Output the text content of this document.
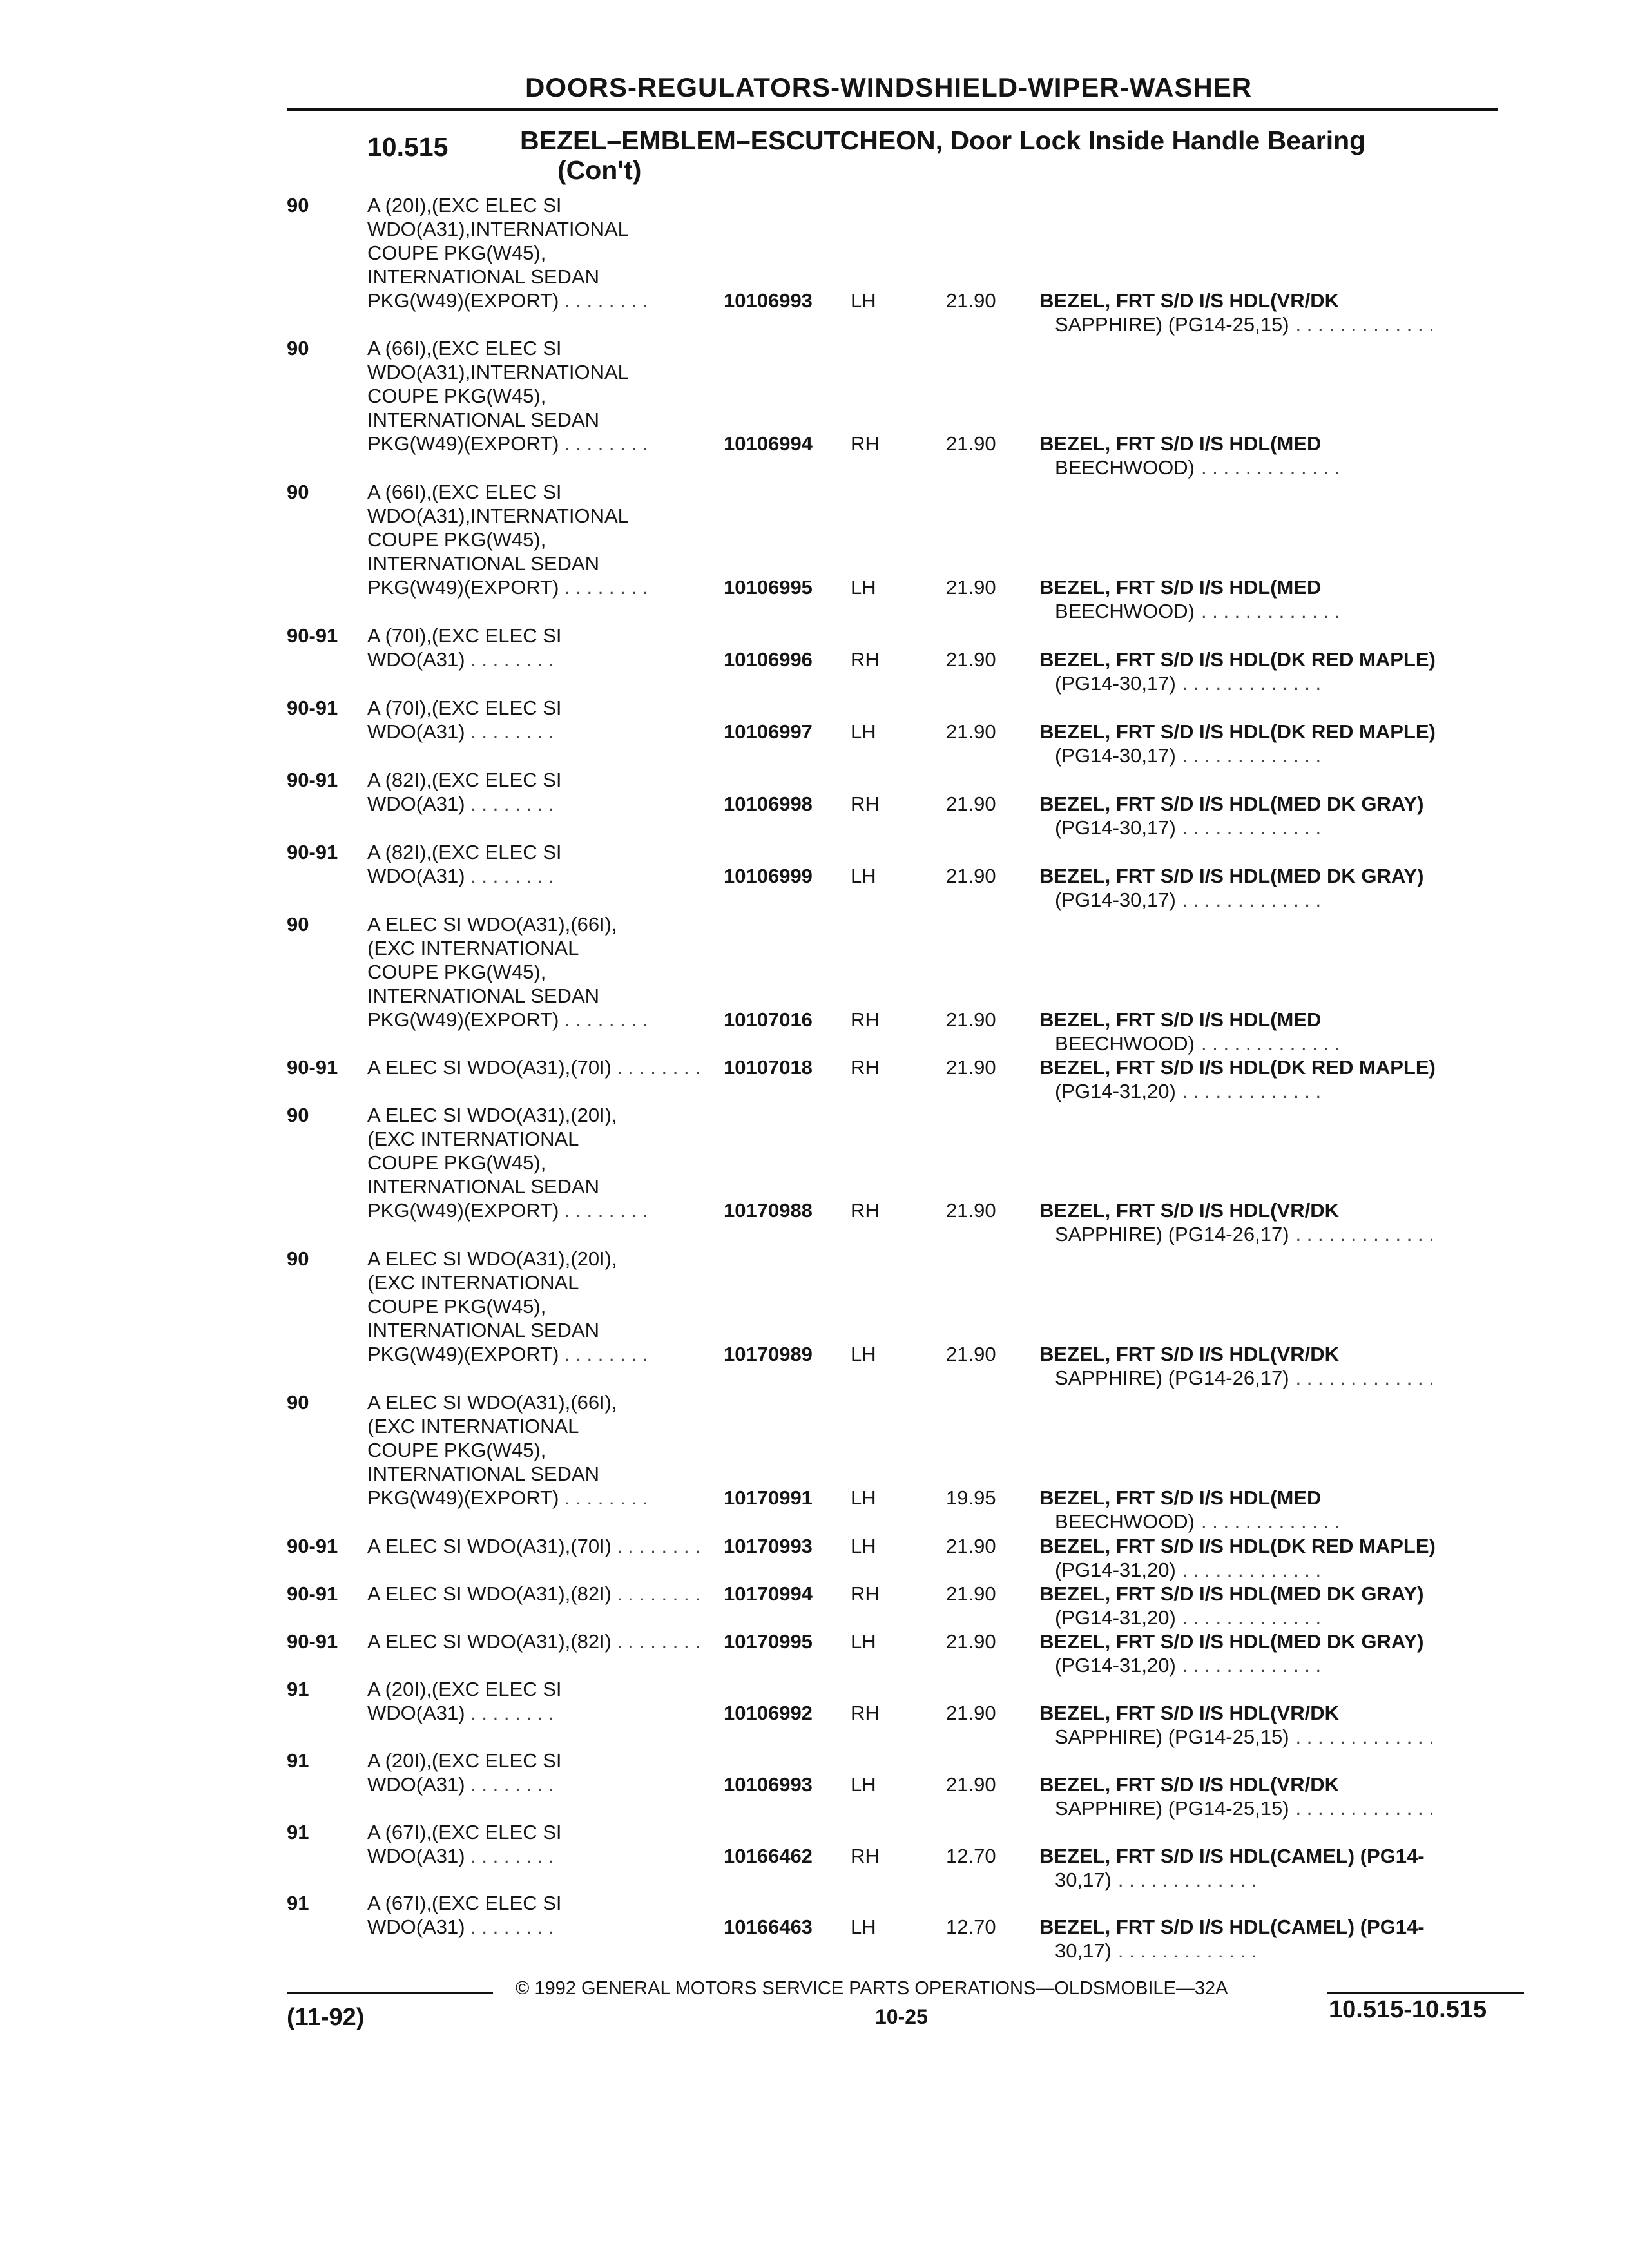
DOORS-REGULATORS-WINDSHIELD-WIPER-WASHER
10.515	BEZEL–EMBLEM–ESCUTCHEON, Door Lock Inside Handle Bearing
(Con't)
90	A (20I),(EXC ELEC SI
WDO(A31),INTERNATIONAL
COUPE PKG(W45),
INTERNATIONAL SEDAN
PKG(W49)(EXPORT) . . . . . . . .	10106993 LH	21.90 BEZEL, FRT S/D I/S HDL(VR/DK
SAPPHIRE) (PG14-25,15) . . . . . . . . . . . . .
90	A (66I),(EXC ELEC SI
WDO(A31),INTERNATIONAL
COUPE PKG(W45),
INTERNATIONAL SEDAN
PKG(W49)(EXPORT) . . . . . . . .	10106994 RH	21.90 BEZEL, FRT S/D I/S HDL(MED
BEECHWOOD) . . . . . . . . . . . . .
90	A (66I),(EXC ELEC SI
WDO(A31),INTERNATIONAL
COUPE PKG(W45),
INTERNATIONAL SEDAN
PKG(W49)(EXPORT) . . . . . . . .	10106995 LH	21.90 BEZEL, FRT S/D I/S HDL(MED
BEECHWOOD) . . . . . . . . . . . . .
90-91 A (70I),(EXC ELEC SI
WDO(A31) . . . . . . . .	10106996 RH	21.90 BEZEL, FRT S/D I/S HDL(DK RED MAPLE)
(PG14-30,17) . . . . . . . . . . . . .
90-91 A (70I),(EXC ELEC SI
WDO(A31) . . . . . . . .	10106997 LH	21.90 BEZEL, FRT S/D I/S HDL(DK RED MAPLE)
(PG14-30,17) . . . . . . . . . . . . .
90-91 A (82I),(EXC ELEC SI
WDO(A31) . . . . . . . .	10106998 RH	21.90 BEZEL, FRT S/D I/S HDL(MED DK GRAY)
(PG14-30,17) . . . . . . . . . . . . .
90-91 A (82I),(EXC ELEC SI
WDO(A31) . . . . . . . .	10106999 LH	21.90 BEZEL, FRT S/D I/S HDL(MED DK GRAY)
(PG14-30,17) . . . . . . . . . . . . .
90	A ELEC SI WDO(A31),(66I),
(EXC INTERNATIONAL
COUPE PKG(W45),
INTERNATIONAL SEDAN
PKG(W49)(EXPORT) . . . . . . . .	10107016 RH	21.90 BEZEL, FRT S/D I/S HDL(MED
BEECHWOOD) . . . . . . . . . . . . .
90-91 A ELEC SI WDO(A31),(70I) . . . . . . . .	10107018 RH	21.90 BEZEL, FRT S/D I/S HDL(DK RED MAPLE)
(PG14-31,20) . . . . . . . . . . . . .
90	A ELEC SI WDO(A31),(20I),
(EXC INTERNATIONAL
COUPE PKG(W45),
INTERNATIONAL SEDAN
PKG(W49)(EXPORT) . . . . . . . .	10170988 RH	21.90 BEZEL, FRT S/D I/S HDL(VR/DK
SAPPHIRE) (PG14-26,17) . . . . . . . . . . . . .
90	A ELEC SI WDO(A31),(20I),
(EXC INTERNATIONAL
COUPE PKG(W45),
INTERNATIONAL SEDAN
PKG(W49)(EXPORT) . . . . . . . .	10170989 LH	21.90 BEZEL, FRT S/D I/S HDL(VR/DK
SAPPHIRE) (PG14-26,17) . . . . . . . . . . . . .
90	A ELEC SI WDO(A31),(66I),
(EXC INTERNATIONAL
COUPE PKG(W45),
INTERNATIONAL SEDAN
PKG(W49)(EXPORT) . . . . . . . .	10170991 LH	19.95 BEZEL, FRT S/D I/S HDL(MED
BEECHWOOD) . . . . . . . . . . . . .
90-91 A ELEC SI WDO(A31),(70I) . . . . . . . .	10170993 LH	21.90 BEZEL, FRT S/D I/S HDL(DK RED MAPLE)
(PG14-31,20) . . . . . . . . . . . . .
90-91 A ELEC SI WDO(A31),(82I) . . . . . . . .	10170994 RH	21.90 BEZEL, FRT S/D I/S HDL(MED DK GRAY)
(PG14-31,20) . . . . . . . . . . . . .
90-91 A ELEC SI WDO(A31),(82I) . . . . . . . .	10170995 LH	21.90 BEZEL, FRT S/D I/S HDL(MED DK GRAY)
(PG14-31,20) . . . . . . . . . . . . .
91	A (20I),(EXC ELEC SI
WDO(A31) . . . . . . . .	10106992 RH	21.90 BEZEL, FRT S/D I/S HDL(VR/DK
SAPPHIRE) (PG14-25,15) . . . . . . . . . . . . .
91	A (20I),(EXC ELEC SI
WDO(A31) . . . . . . . .	10106993 LH	21.90 BEZEL, FRT S/D I/S HDL(VR/DK
SAPPHIRE) (PG14-25,15) . . . . . . . . . . . . .
91	A (67I),(EXC ELEC SI
WDO(A31) . . . . . . . .	10166462 RH	12.70 BEZEL, FRT S/D I/S HDL(CAMEL) (PG14-
30,17) . . . . . . . . . . . . .
91	A (67I),(EXC ELEC SI
WDO(A31) . . . . . . . .	10166463 LH	12.70 BEZEL, FRT S/D I/S HDL(CAMEL) (PG14-
30,17) . . . . . . . . . . . . .
© 1992 GENERAL MOTORS SERVICE PARTS OPERATIONS—OLDSMOBILE—32A
(11-92)	10-25	10.515-10.515
